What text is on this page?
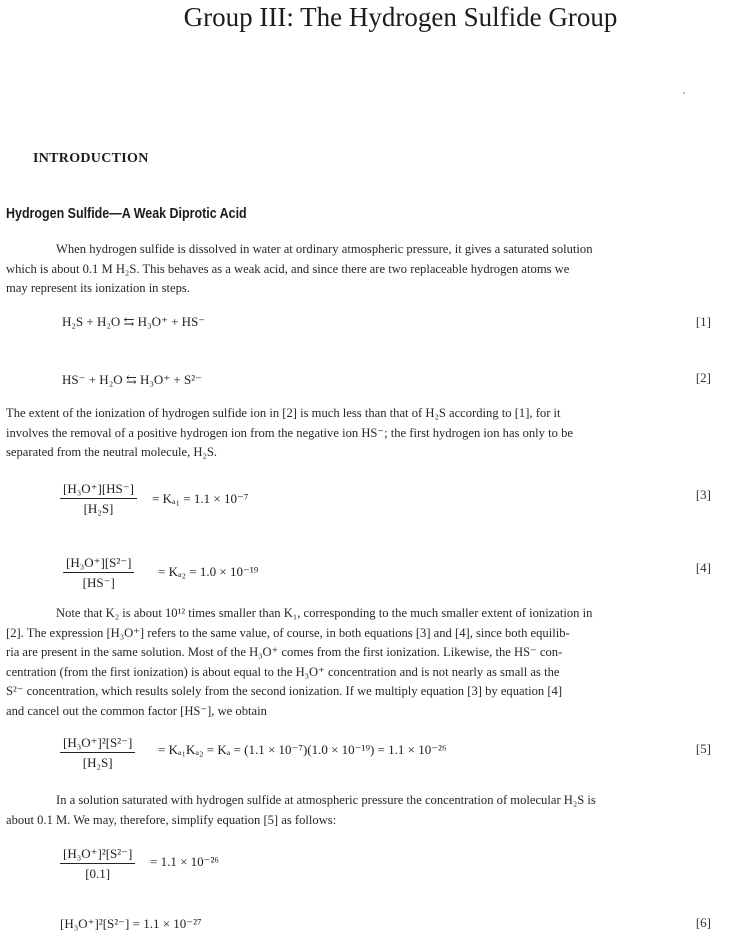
Group III: The Hydrogen Sulfide Group
INTRODUCTION
Hydrogen Sulfide—A Weak Diprotic Acid
When hydrogen sulfide is dissolved in water at ordinary atmospheric pressure, it gives a saturated solution
which is about 0.1 M H₂S. This behaves as a weak acid, and since there are two replaceable hydrogen atoms we
may represent its ionization in steps.
H₂S + H₂O ⇆ H₃O⁺ + HS⁻	[1]
HS⁻ + H₂O ⇆ H₃O⁺ + S²⁻	[2]
The extent of the ionization of hydrogen sulfide ion in [2] is much less than that of H₂S according to [1], for it
involves the removal of a positive hydrogen ion from the negative ion HS⁻; the first hydrogen ion has only to be
separated from the neutral molecule, H₂S.
[H₃O⁺][HS⁻]
[H₂S]
= Kₐ₁ = 1.1 × 10⁻⁷	[3]
[H₃O⁺][S²⁻]
[HS⁻]
= Kₐ₂ = 1.0 × 10⁻¹⁹	[4]
Note that K₂ is about 10¹² times smaller than K₁, corresponding to the much smaller extent of ionization in
[2]. The expression [H₃O⁺] refers to the same value, of course, in both equations [3] and [4], since both equilib-
ria are present in the same solution. Most of the H₃O⁺ comes from the first ionization. Likewise, the HS⁻ con-
centration (from the first ionization) is about equal to the H₃O⁺ concentration and is not nearly as small as the
S²⁻ concentration, which results solely from the second ionization. If we multiply equation [3] by equation [4]
and cancel out the common factor [HS⁻], we obtain
[H₃O⁺]²[S²⁻]
[H₂S]
= Kₐ₁Kₐ₂ = Kₐ = (1.1 × 10⁻⁷)(1.0 × 10⁻¹⁹) = 1.1 × 10⁻²⁶	[5]
In a solution saturated with hydrogen sulfide at atmospheric pressure the concentration of molecular H₂S is
about 0.1 M. We may, therefore, simplify equation [5] as follows:
[H₃O⁺]²[S²⁻]
[0.1]
= 1.1 × 10⁻²⁶
[H₃O⁺]²[S²⁻] = 1.1 × 10⁻²⁷	[6]
